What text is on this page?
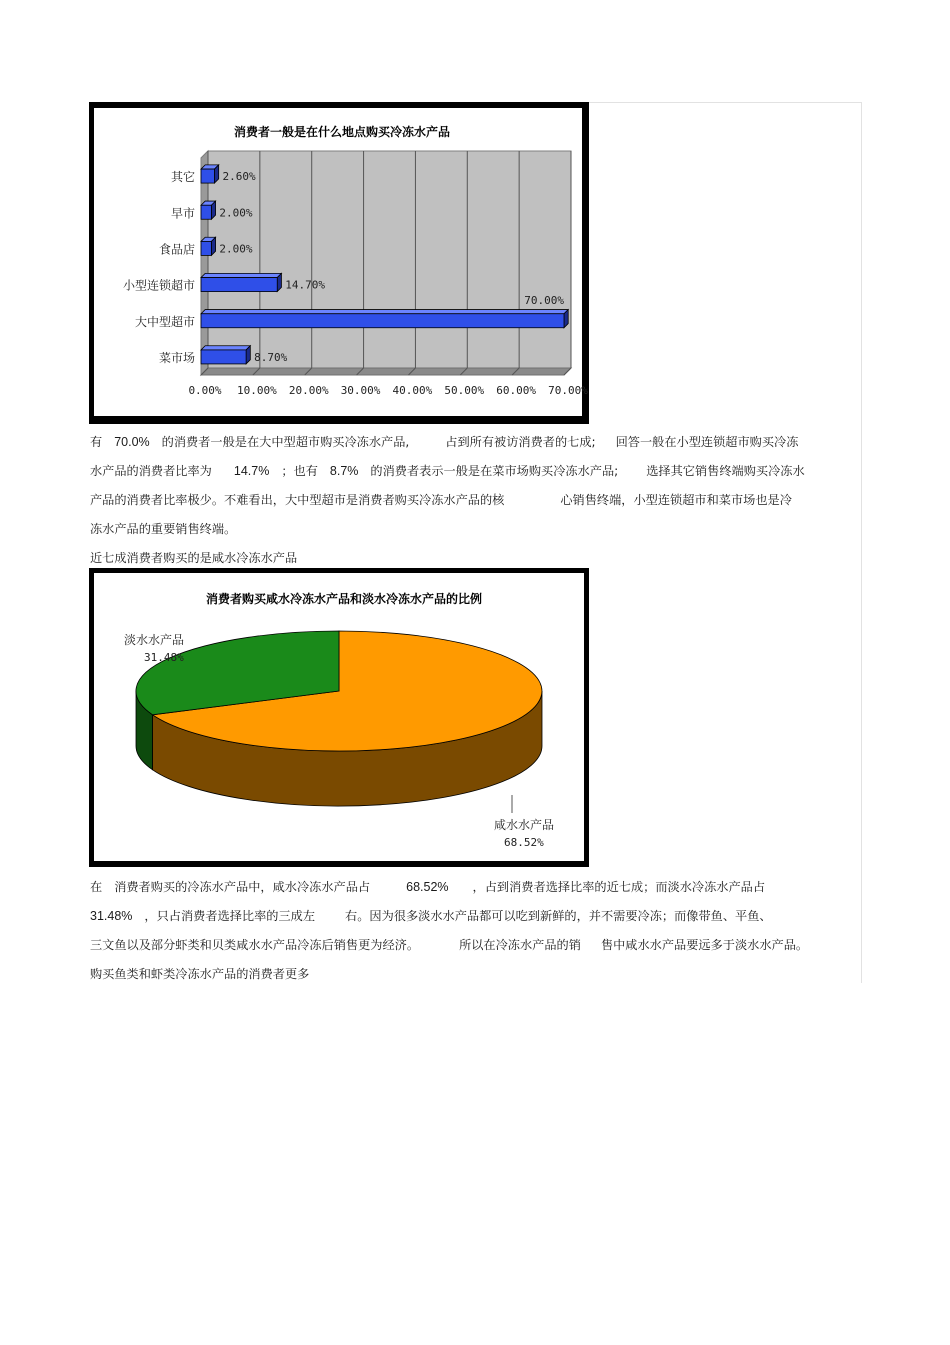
消费者一般是在什么地点购买冷冻水产品
0.00% 10.00% 20.00% 30.00% 40.00% 50.00% 60.00% 70.00%
其它 2.60%
早市 2.00%
食品店 2.00%
小型连锁超市	14.70%
大中型超市
70.00%
菜市场	8.70%
有 70.0% 的消费者一般是在大中型超市购买冷冻水产品,	占到所有被访消费者的七成; 回答一般在小型连锁超市购买冷冻
水产品的消费者比率为 14.7% ；也有 8.7% 的消费者表示一般是在菜市场购买冷冻水产品; 选择其它销售终端购买冷冻水
产品的消费者比率极少。不难看出，大中型超市是消费者购买冷冻水产品的核	心销售终端，小型连锁超市和菜市场也是冷
冻水产品的重要销售终端。
近七成消费者购买的是咸水冷冻水产品
消费者购买咸水冷冻水产品和淡水冷冻水产品的比例
淡水水产品
31.48%
咸水水产品
68.52%
在 消费者购买的冷冻水产品中，咸水冷冻水产品占	68.52% ，占到消费者选择比率的近七成；而淡水冷冻水产品占
31.48% ，只占消费者选择比率的三成左 右。因为很多淡水水产品都可以吃到新鲜的，并不需要冷冻；而像带鱼、平鱼、
三文鱼以及部分虾类和贝类咸水水产品冷冻后销售更为经济。	所以在冷冻水产品的销 售中咸水水产品要远多于淡水水产品。
购买鱼类和虾类冷冻水产品的消费者更多
